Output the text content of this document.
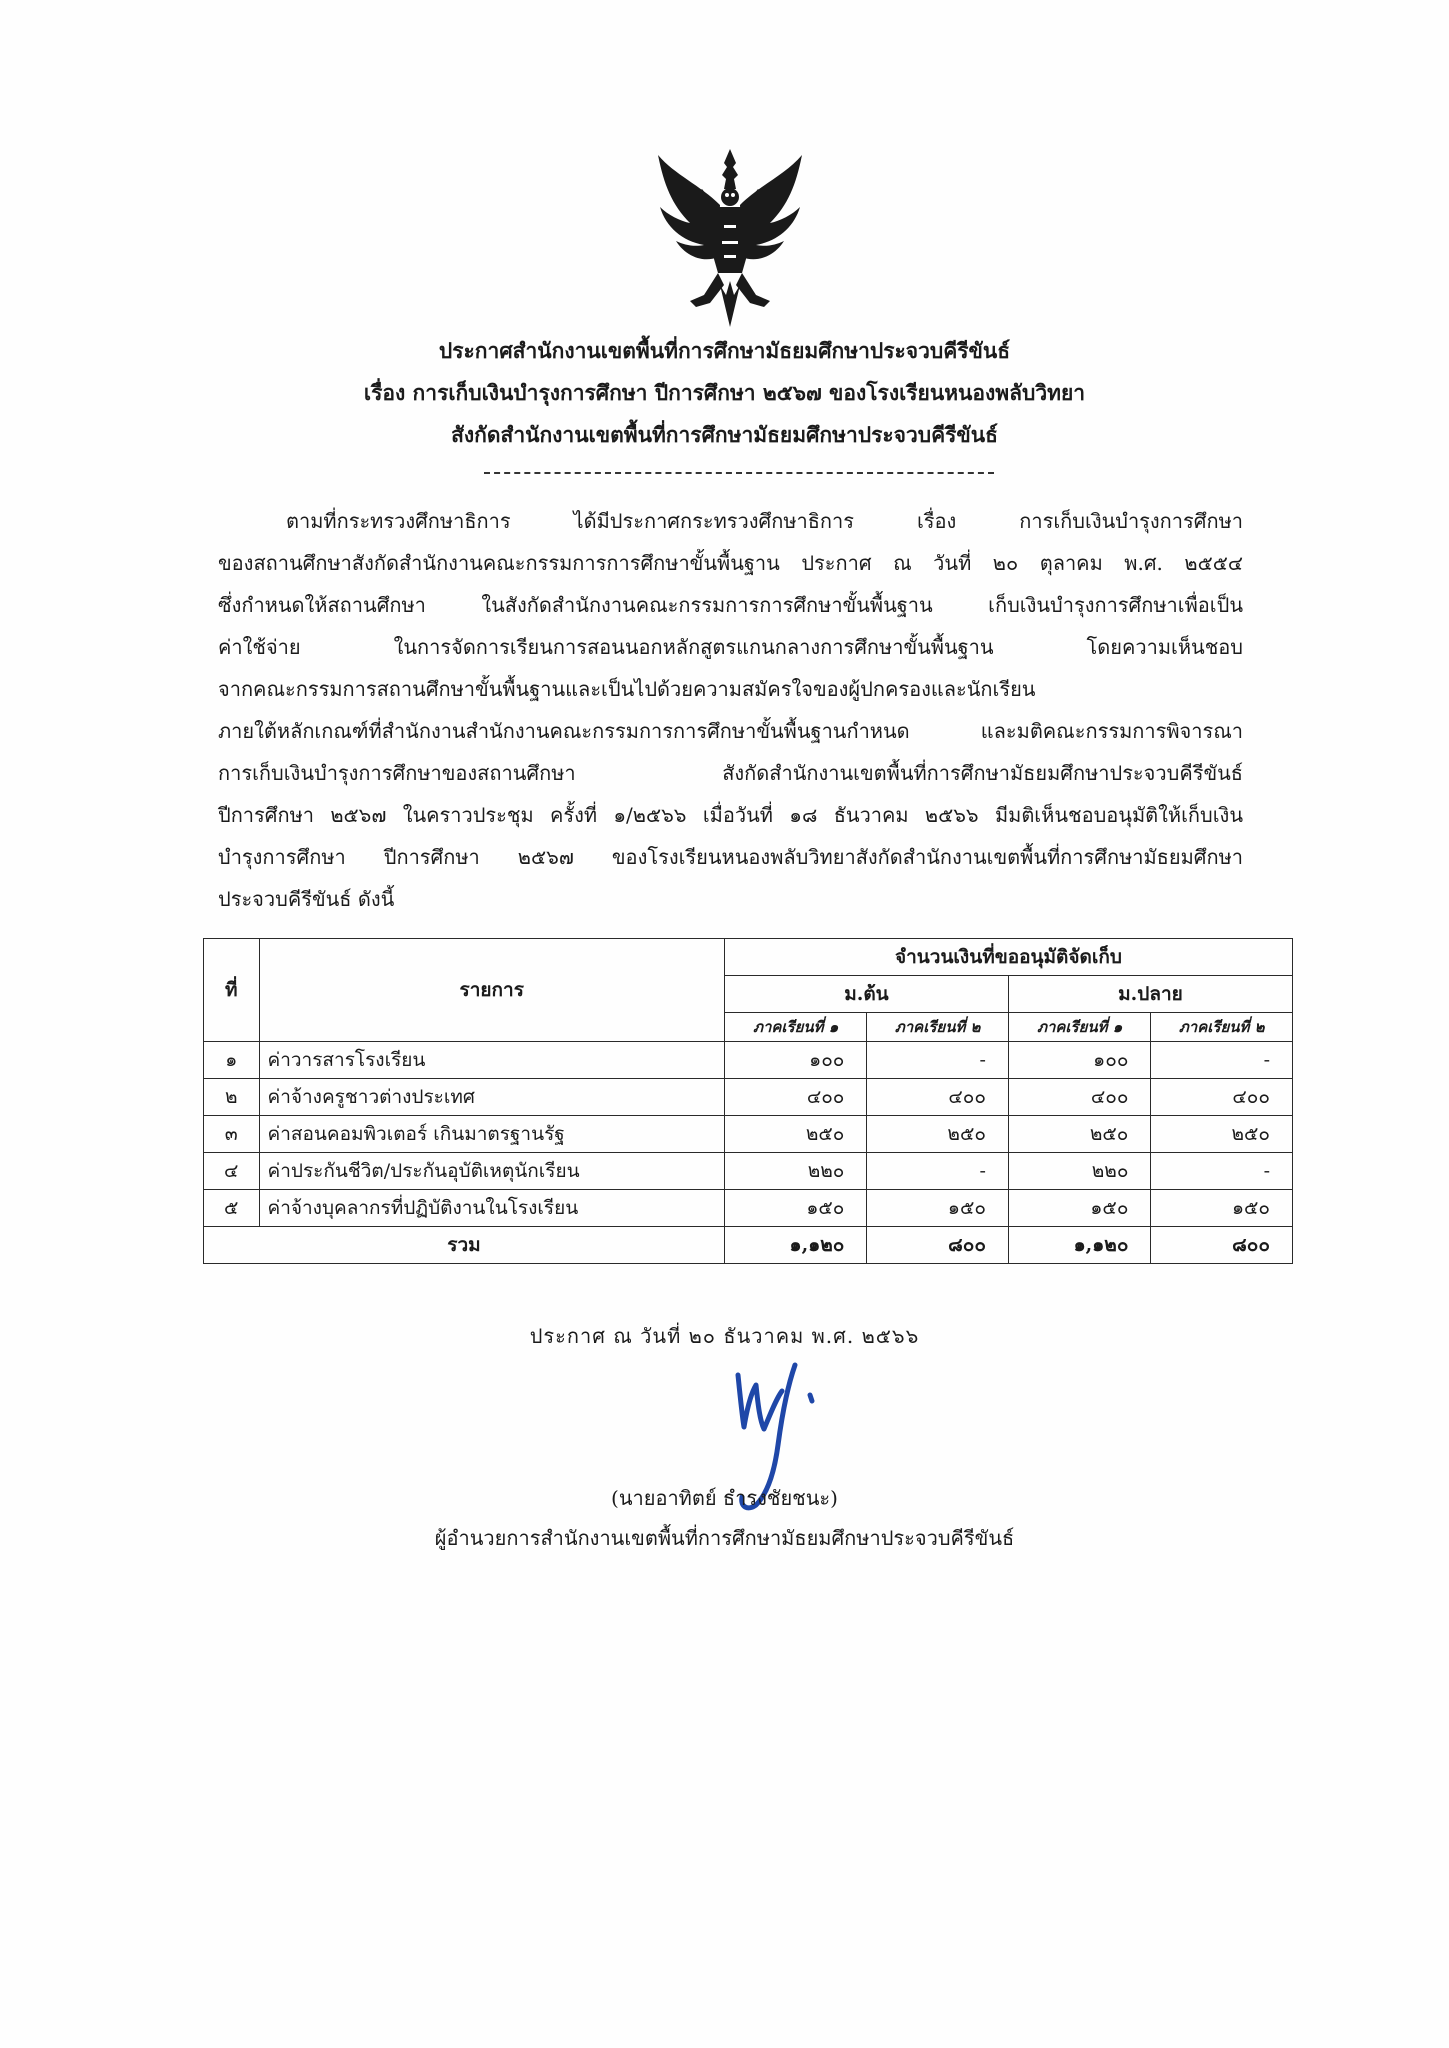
ประกาศสำนักงานเขตพื้นที่การศึกษามัธยมศึกษาประจวบคีรีขันธ์
เรื่อง การเก็บเงินบำรุงการศึกษา ปีการศึกษา ๒๕๖๗ ของโรงเรียนหนองพลับวิทยา
สังกัดสำนักงานเขตพื้นที่การศึกษามัธยมศึกษาประจวบคีรีขันธ์
ตามที่กระทรวงศึกษาธิการ ได้มีประกาศกระทรวงศึกษาธิการ เรื่อง การเก็บเงินบำรุงการศึกษา
ของสถานศึกษาสังกัดสำนักงานคณะกรรมการการศึกษาขั้นพื้นฐาน ประกาศ ณ วันที่ ๒๐ ตุลาคม พ.ศ. ๒๕๕๔
ซึ่งกำหนดให้สถานศึกษา ในสังกัดสำนักงานคณะกรรมการการศึกษาขั้นพื้นฐาน เก็บเงินบำรุงการศึกษาเพื่อเป็น
ค่าใช้จ่าย ในการจัดการเรียนการสอนนอกหลักสูตรแกนกลางการศึกษาขั้นพื้นฐาน โดยความเห็นชอบ
จากคณะกรรมการสถานศึกษาขั้นพื้นฐานและเป็นไปด้วยความสมัครใจของผู้ปกครองและนักเรียน
ภายใต้หลักเกณฑ์ที่สำนักงานสำนักงานคณะกรรมการการศึกษาขั้นพื้นฐานกำหนด และมติคณะกรรมการพิจารณา
การเก็บเงินบำรุงการศึกษาของสถานศึกษา สังกัดสำนักงานเขตพื้นที่การศึกษามัธยมศึกษาประจวบคีรีขันธ์
ปีการศึกษา ๒๕๖๗ ในคราวประชุม ครั้งที่ ๑/๒๕๖๖ เมื่อวันที่ ๑๘ ธันวาคม ๒๕๖๖ มีมติเห็นชอบอนุมัติให้เก็บเงิน
บำรุงการศึกษา ปีการศึกษา ๒๕๖๗ ของโรงเรียนหนองพลับวิทยาสังกัดสำนักงานเขตพื้นที่การศึกษามัธยมศึกษา
ประจวบคีรีขันธ์ ดังนี้
ที่	รายการ	จำนวนเงินที่ขออนุมัติจัดเก็บ			
		ม.ต้น		ม.ปลาย	
		ภาคเรียนที่ ๑	ภาคเรียนที่ ๒	ภาคเรียนที่ ๑	ภาคเรียนที่ ๒
๑	ค่าวารสารโรงเรียน	๑๐๐	-	๑๐๐	-
๒	ค่าจ้างครูชาวต่างประเทศ	๔๐๐	๔๐๐	๔๐๐	๔๐๐
๓	ค่าสอนคอมพิวเตอร์ เกินมาตรฐานรัฐ	๒๕๐	๒๕๐	๒๕๐	๒๕๐
๔	ค่าประกันชีวิต/ประกันอุบัติเหตุนักเรียน	๒๒๐	-	๒๒๐	-
๕	ค่าจ้างบุคลากรที่ปฏิบัติงานในโรงเรียน	๑๕๐	๑๕๐	๑๕๐	๑๕๐
รวม		๑,๑๒๐	๘๐๐	๑,๑๒๐	๘๐๐
ประกาศ ณ วันที่ ๒๐ ธันวาคม พ.ศ. ๒๕๖๖
(นายอาทิตย์ ธำรงชัยชนะ)
ผู้อำนวยการสำนักงานเขตพื้นที่การศึกษามัธยมศึกษาประจวบคีรีขันธ์
